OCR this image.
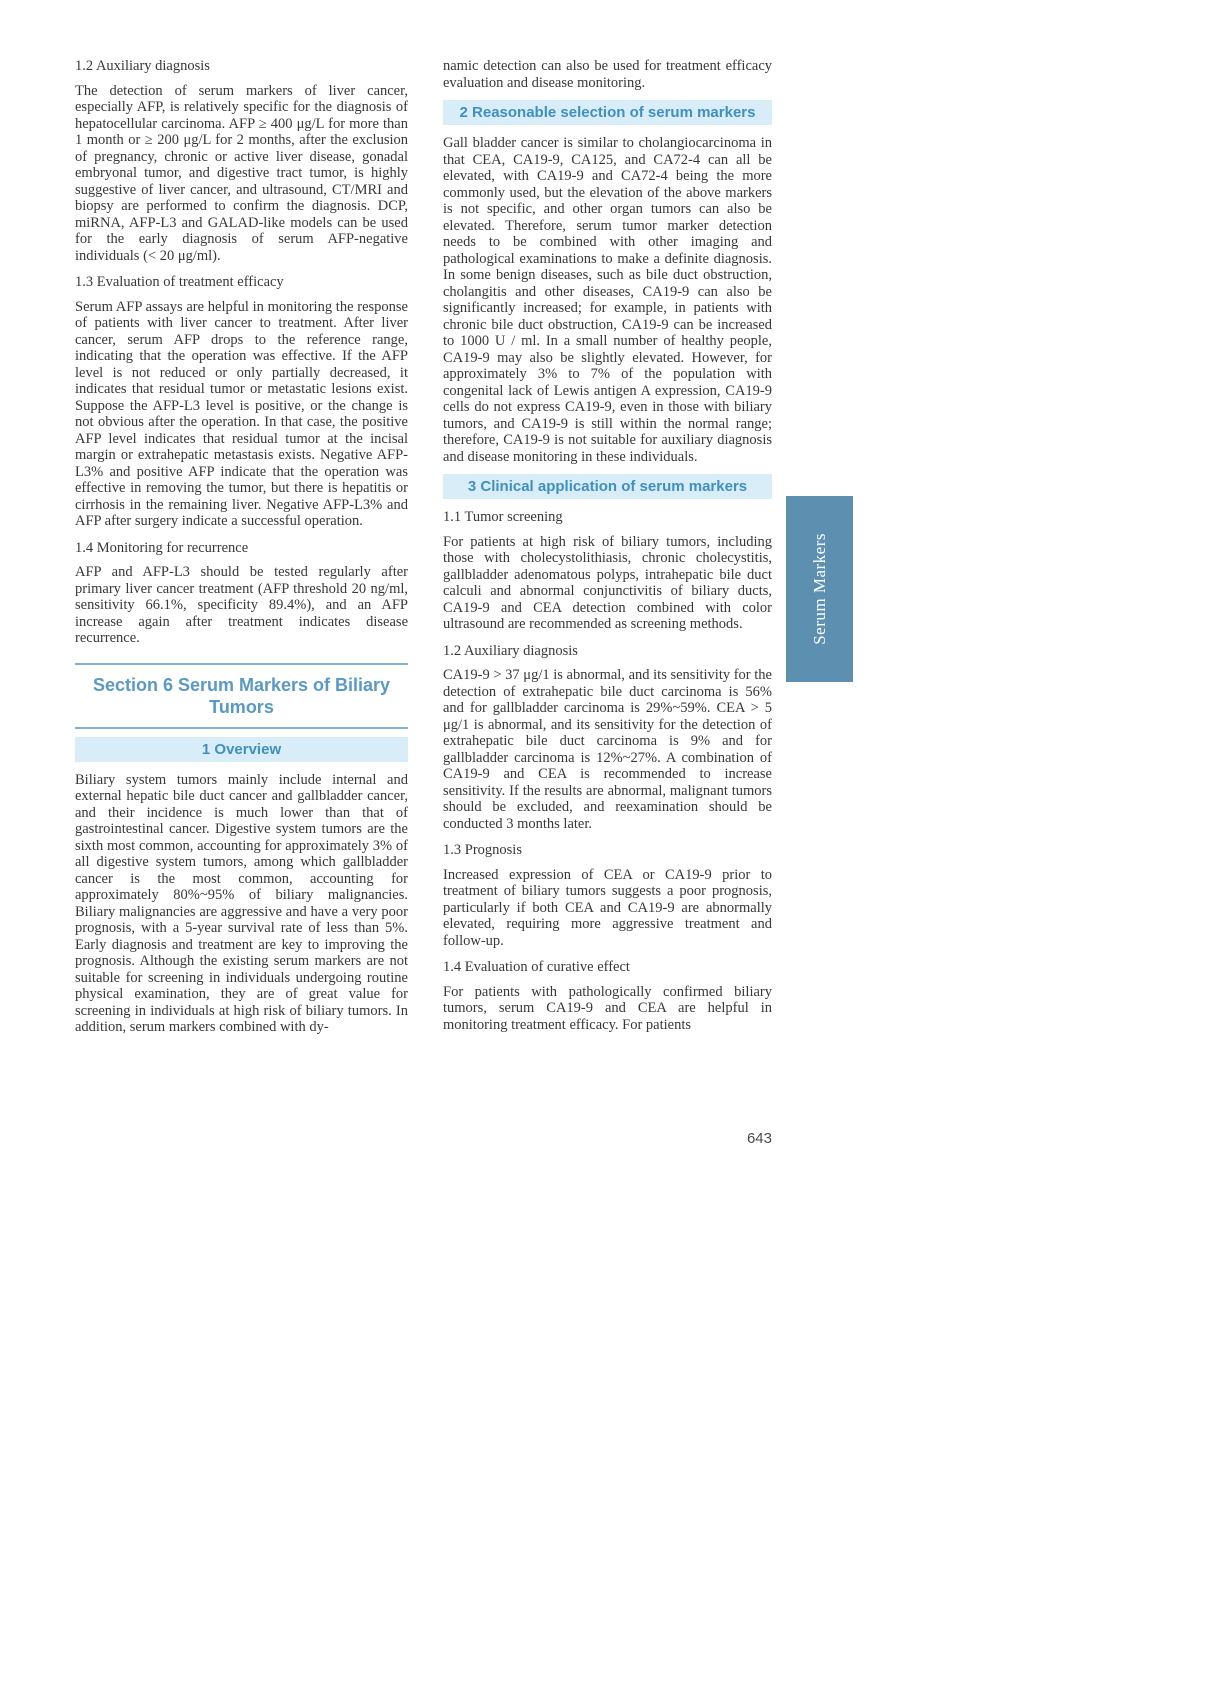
1.2 Auxiliary diagnosis

The detection of serum markers of liver cancer, especially AFP, is relatively specific for the diagnosis of hepatocellular carcinoma. AFP ≥ 400 μg/L for more than 1 month or ≥ 200 μg/L for 2 months, after the exclusion of pregnancy, chronic or active liver disease, gonadal embryonal tumor, and digestive tract tumor, is highly suggestive of liver cancer, and ultrasound, CT/MRI and biopsy are performed to confirm the diagnosis. DCP, miRNA, AFP-L3 and GALAD-like models can be used for the early diagnosis of serum AFP-negative individuals (< 20 μg/ml).

1.3 Evaluation of treatment efficacy

Serum AFP assays are helpful in monitoring the response of patients with liver cancer to treatment. After liver cancer, serum AFP drops to the reference range, indicating that the operation was effective. If the AFP level is not reduced or only partially decreased, it indicates that residual tumor or metastatic lesions exist. Suppose the AFP-L3 level is positive, or the change is not obvious after the operation. In that case, the positive AFP level indicates that residual tumor at the incisal margin or extrahepatic metastasis exists. Negative AFP-L3% and positive AFP indicate that the operation was effective in removing the tumor, but there is hepatitis or cirrhosis in the remaining liver. Negative AFP-L3% and AFP after surgery indicate a successful operation.

1.4 Monitoring for recurrence

AFP and AFP-L3 should be tested regularly after primary liver cancer treatment (AFP threshold 20 ng/ml, sensitivity 66.1%, specificity 89.4%), and an AFP increase again after treatment indicates disease recurrence.

Section 6 Serum Markers of Biliary Tumors
1 Overview

Biliary system tumors mainly include internal and external hepatic bile duct cancer and gallbladder cancer, and their incidence is much lower than that of gastrointestinal cancer. Digestive system tumors are the sixth most common, accounting for approximately 3% of all digestive system tumors, among which gallbladder cancer is the most common, accounting for approximately 80%~95% of biliary malignancies. Biliary malignancies are aggressive and have a very poor prognosis, with a 5-year survival rate of less than 5%. Early diagnosis and treatment are key to improving the prognosis. Although the existing serum markers are not suitable for screening in individuals undergoing routine physical examination, they are of great value for screening in individuals at high risk of biliary tumors. In addition, serum markers combined with dy-

namic detection can also be used for treatment efficacy evaluation and disease monitoring.

2 Reasonable selection of serum markers

Gall bladder cancer is similar to cholangiocarcinoma in that CEA, CA19-9, CA125, and CA72-4 can all be elevated, with CA19-9 and CA72-4 being the more commonly used, but the elevation of the above markers is not specific, and other organ tumors can also be elevated. Therefore, serum tumor marker detection needs to be combined with other imaging and pathological examinations to make a definite diagnosis. In some benign diseases, such as bile duct obstruction, cholangitis and other diseases, CA19-9 can also be significantly increased; for example, in patients with chronic bile duct obstruction, CA19-9 can be increased to 1000 U / ml. In a small number of healthy people, CA19-9 may also be slightly elevated. However, for approximately 3% to 7% of the population with congenital lack of Lewis antigen A expression, CA19-9 cells do not express CA19-9, even in those with biliary tumors, and CA19-9 is still within the normal range; therefore, CA19-9 is not suitable for auxiliary diagnosis and disease monitoring in these individuals.

3 Clinical application of serum markers
1.1 Tumor screening

For patients at high risk of biliary tumors, including those with cholecystolithiasis, chronic cholecystitis, gallbladder adenomatous polyps, intrahepatic bile duct calculi and abnormal conjunctivitis of biliary ducts, CA19-9 and CEA detection combined with color ultrasound are recommended as screening methods.

1.2 Auxiliary diagnosis

CA19-9 > 37 μg/1 is abnormal, and its sensitivity for the detection of extrahepatic bile duct carcinoma is 56% and for gallbladder carcinoma is 29%~59%. CEA > 5 μg/1 is abnormal, and its sensitivity for the detection of extrahepatic bile duct carcinoma is 9% and for gallbladder carcinoma is 12%~27%. A combination of CA19-9 and CEA is recommended to increase sensitivity. If the results are abnormal, malignant tumors should be excluded, and reexamination should be conducted 3 months later.

1.3 Prognosis

Increased expression of CEA or CA19-9 prior to treatment of biliary tumors suggests a poor prognosis, particularly if both CEA and CA19-9 are abnormally elevated, requiring more aggressive treatment and follow-up.

1.4 Evaluation of curative effect

For patients with pathologically confirmed biliary tumors, serum CA19-9 and CEA are helpful in monitoring treatment efficacy. For patients

Serum Markers
643
